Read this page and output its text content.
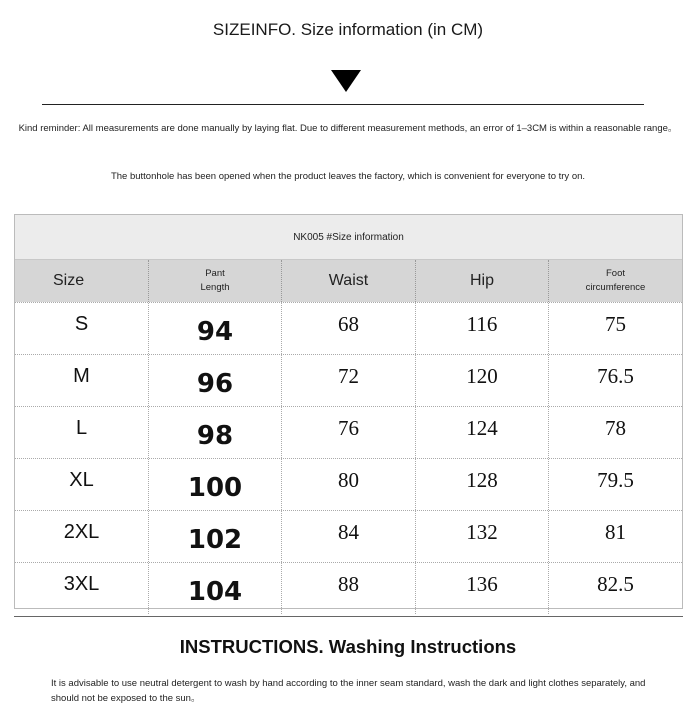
SIZEINFO. Size information (in CM)
Kind reminder: All measurements are done manually by laying flat. Due to different measurement methods, an error of 1–3CM is within a reasonable range。
The buttonhole has been opened when the product leaves the factory, which is convenient for everyone to try on.
NK005 #Size information
Size	Pant Length	Waist	Hip	Foot circumference
S	94	68	116	75
M	96	72	120	76.5
L	98	76	124	78
XL	100	80	128	79.5
2XL	102	84	132	81
3XL	104	88	136	82.5
INSTRUCTIONS. Washing Instructions
It is advisable to use neutral detergent to wash by hand according to the inner seam standard, wash the dark and light clothes separately, and should not be exposed to the sun。
